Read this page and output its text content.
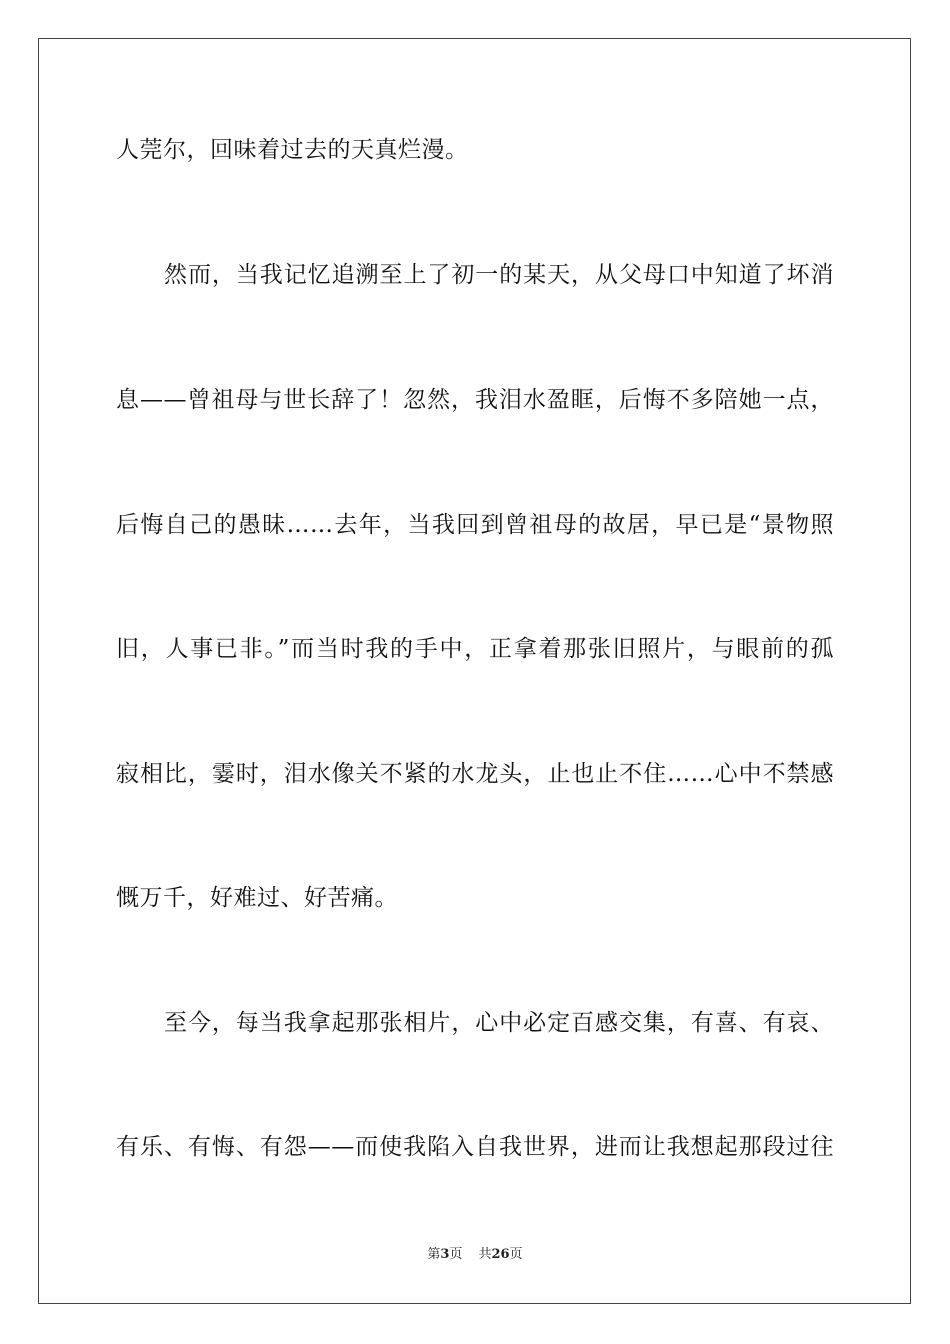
人莞尔，回味着过去的天真烂漫。
然而，当我记忆追溯至上了初一的某天，从父母口中知道了坏消
息——曾祖母与世长辞了！忽然，我泪水盈眶，后悔不多陪她一点，
后悔自己的愚昧……去年，当我回到曾祖母的故居，早已是“景物照
旧，人事已非。”而当时我的手中，正拿着那张旧照片，与眼前的孤
寂相比，霎时，泪水像关不紧的水龙头，止也止不住……心中不禁感
慨万千，好难过、好苦痛。
至今，每当我拿起那张相片，心中必定百感交集，有喜、有哀、
有乐、有悔、有怨——而使我陷入自我世界，进而让我想起那段过往
第3页 共26页
